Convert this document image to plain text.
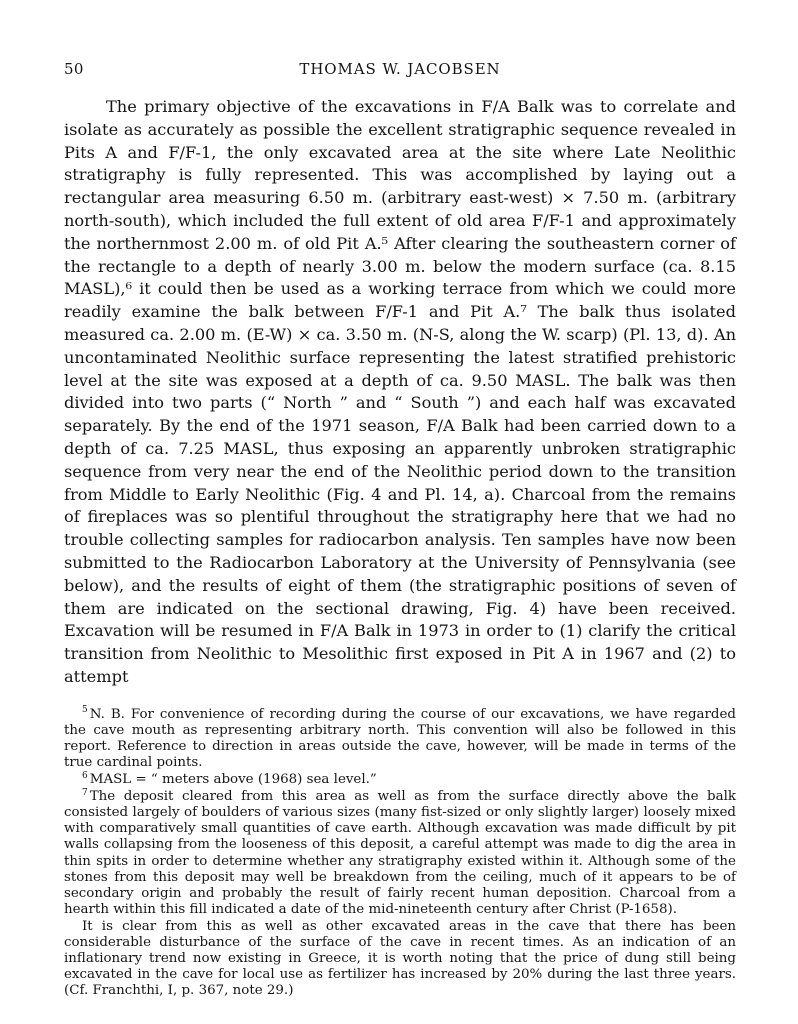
50	THOMAS W. JACOBSEN

The primary objective of the excavations in F/A Balk was to correlate and isolate as accurately as possible the excellent stratigraphic sequence revealed in Pits A and F/F-1, the only excavated area at the site where Late Neolithic stratigraphy is fully represented. This was accomplished by laying out a rectangular area measuring 6.50 m. (arbitrary east-west) × 7.50 m. (arbitrary north-south), which included the full extent of old area F/F-1 and approximately the northernmost 2.00 m. of old Pit A.⁵ After clearing the southeastern corner of the rectangle to a depth of nearly 3.00 m. below the modern surface (ca. 8.15 MASL),⁶ it could then be used as a working terrace from which we could more readily examine the balk between F/F-1 and Pit A.⁷ The balk thus isolated measured ca. 2.00 m. (E-W) × ca. 3.50 m. (N-S, along the W. scarp) (Pl. 13, d). An uncontaminated Neolithic surface representing the latest stratified prehistoric level at the site was exposed at a depth of ca. 9.50 MASL. The balk was then divided into two parts (“ North ” and “ South ”) and each half was excavated separately. By the end of the 1971 season, F/A Balk had been carried down to a depth of ca. 7.25 MASL, thus exposing an apparently unbroken stratigraphic sequence from very near the end of the Neolithic period down to the transition from Middle to Early Neolithic (Fig. 4 and Pl. 14, a). Charcoal from the remains of fireplaces was so plentiful throughout the stratigraphy here that we had no trouble collecting samples for radiocarbon analysis. Ten samples have now been submitted to the Radiocarbon Laboratory at the University of Pennsylvania (see below), and the results of eight of them (the stratigraphic positions of seven of them are indicated on the sectional drawing, Fig. 4) have been received. Excavation will be resumed in F/A Balk in 1973 in order to (1) clarify the critical transition from Neolithic to Mesolithic first exposed in Pit A in 1967 and (2) to attempt

$^5$ N. B. For convenience of recording during the course of our excavations, we have regarded the cave mouth as representing arbitrary north. This convention will also be followed in this report. Reference to direction in areas outside the cave, however, will be made in terms of the true cardinal points.

$^6$ MASL = “ meters above (1968) sea level.”

$^7$ The deposit cleared from this area as well as from the surface directly above the balk consisted largely of boulders of various sizes (many fist-sized or only slightly larger) loosely mixed with comparatively small quantities of cave earth. Although excavation was made difficult by pit walls collapsing from the looseness of this deposit, a careful attempt was made to dig the area in thin spits in order to determine whether any stratigraphy existed within it. Although some of the stones from this deposit may well be breakdown from the ceiling, much of it appears to be of secondary origin and probably the result of fairly recent human deposition. Charcoal from a hearth within this fill indicated a date of the mid-nineteenth century after Christ (P-1658).

It is clear from this as well as other excavated areas in the cave that there has been considerable disturbance of the surface of the cave in recent times. As an indication of an inflationary trend now existing in Greece, it is worth noting that the price of dung still being excavated in the cave for local use as fertilizer has increased by 20% during the last three years. (Cf. Franchthi, I, p. 367, note 29.)
